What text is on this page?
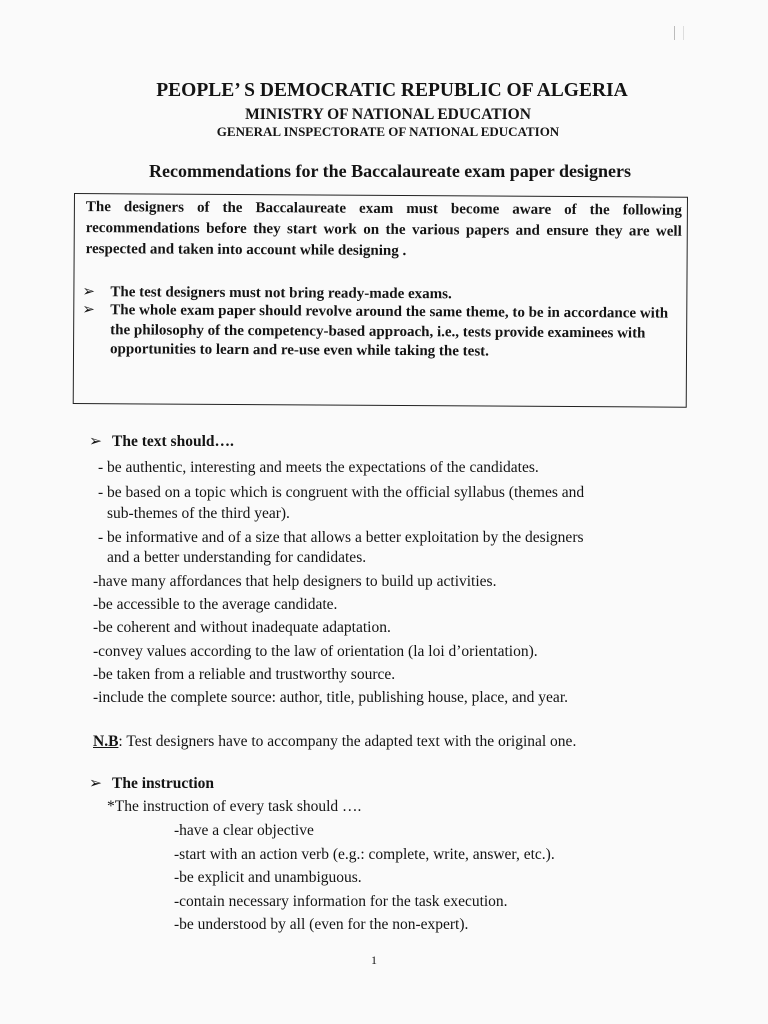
PEOPLE’ S DEMOCRATIC REPUBLIC OF ALGERIA
MINISTRY OF NATIONAL EDUCATION
GENERAL INSPECTORATE OF NATIONAL EDUCATION
Recommendations for the Baccalaureate exam paper designers
The designers of the Baccalaureate exam must become aware of the following recommendations before they start work on the various papers and ensure they are well respected and taken into account while designing .
➢	The test designers must not bring ready-made exams.
➢	The whole exam paper should revolve around the same theme, to be in accordance with the philosophy of the competency-based approach, i.e., tests provide examinees with opportunities to learn and re-use even while taking the test.
➢ The text should….
- be authentic, interesting and meets the expectations of the candidates.
- be based on a topic which is congruent with the official syllabus (themes and
sub-themes of the third year).
- be informative and of a size that allows a better exploitation by the designers
and a better understanding for candidates.
-have many affordances that help designers to build up activities.
-be accessible to the average candidate.
-be coherent and without inadequate adaptation.
-convey values according to the law of orientation (la loi d’orientation).
-be taken from a reliable and trustworthy source.
-include the complete source: author, title, publishing house, place, and year.
N.B: Test designers have to accompany the adapted text with the original one.
➢ The instruction
*The instruction of every task should ….
-have a clear objective
-start with an action verb (e.g.: complete, write, answer, etc.).
-be explicit and unambiguous.
-contain necessary information for the task execution.
-be understood by all (even for the non-expert).
1
